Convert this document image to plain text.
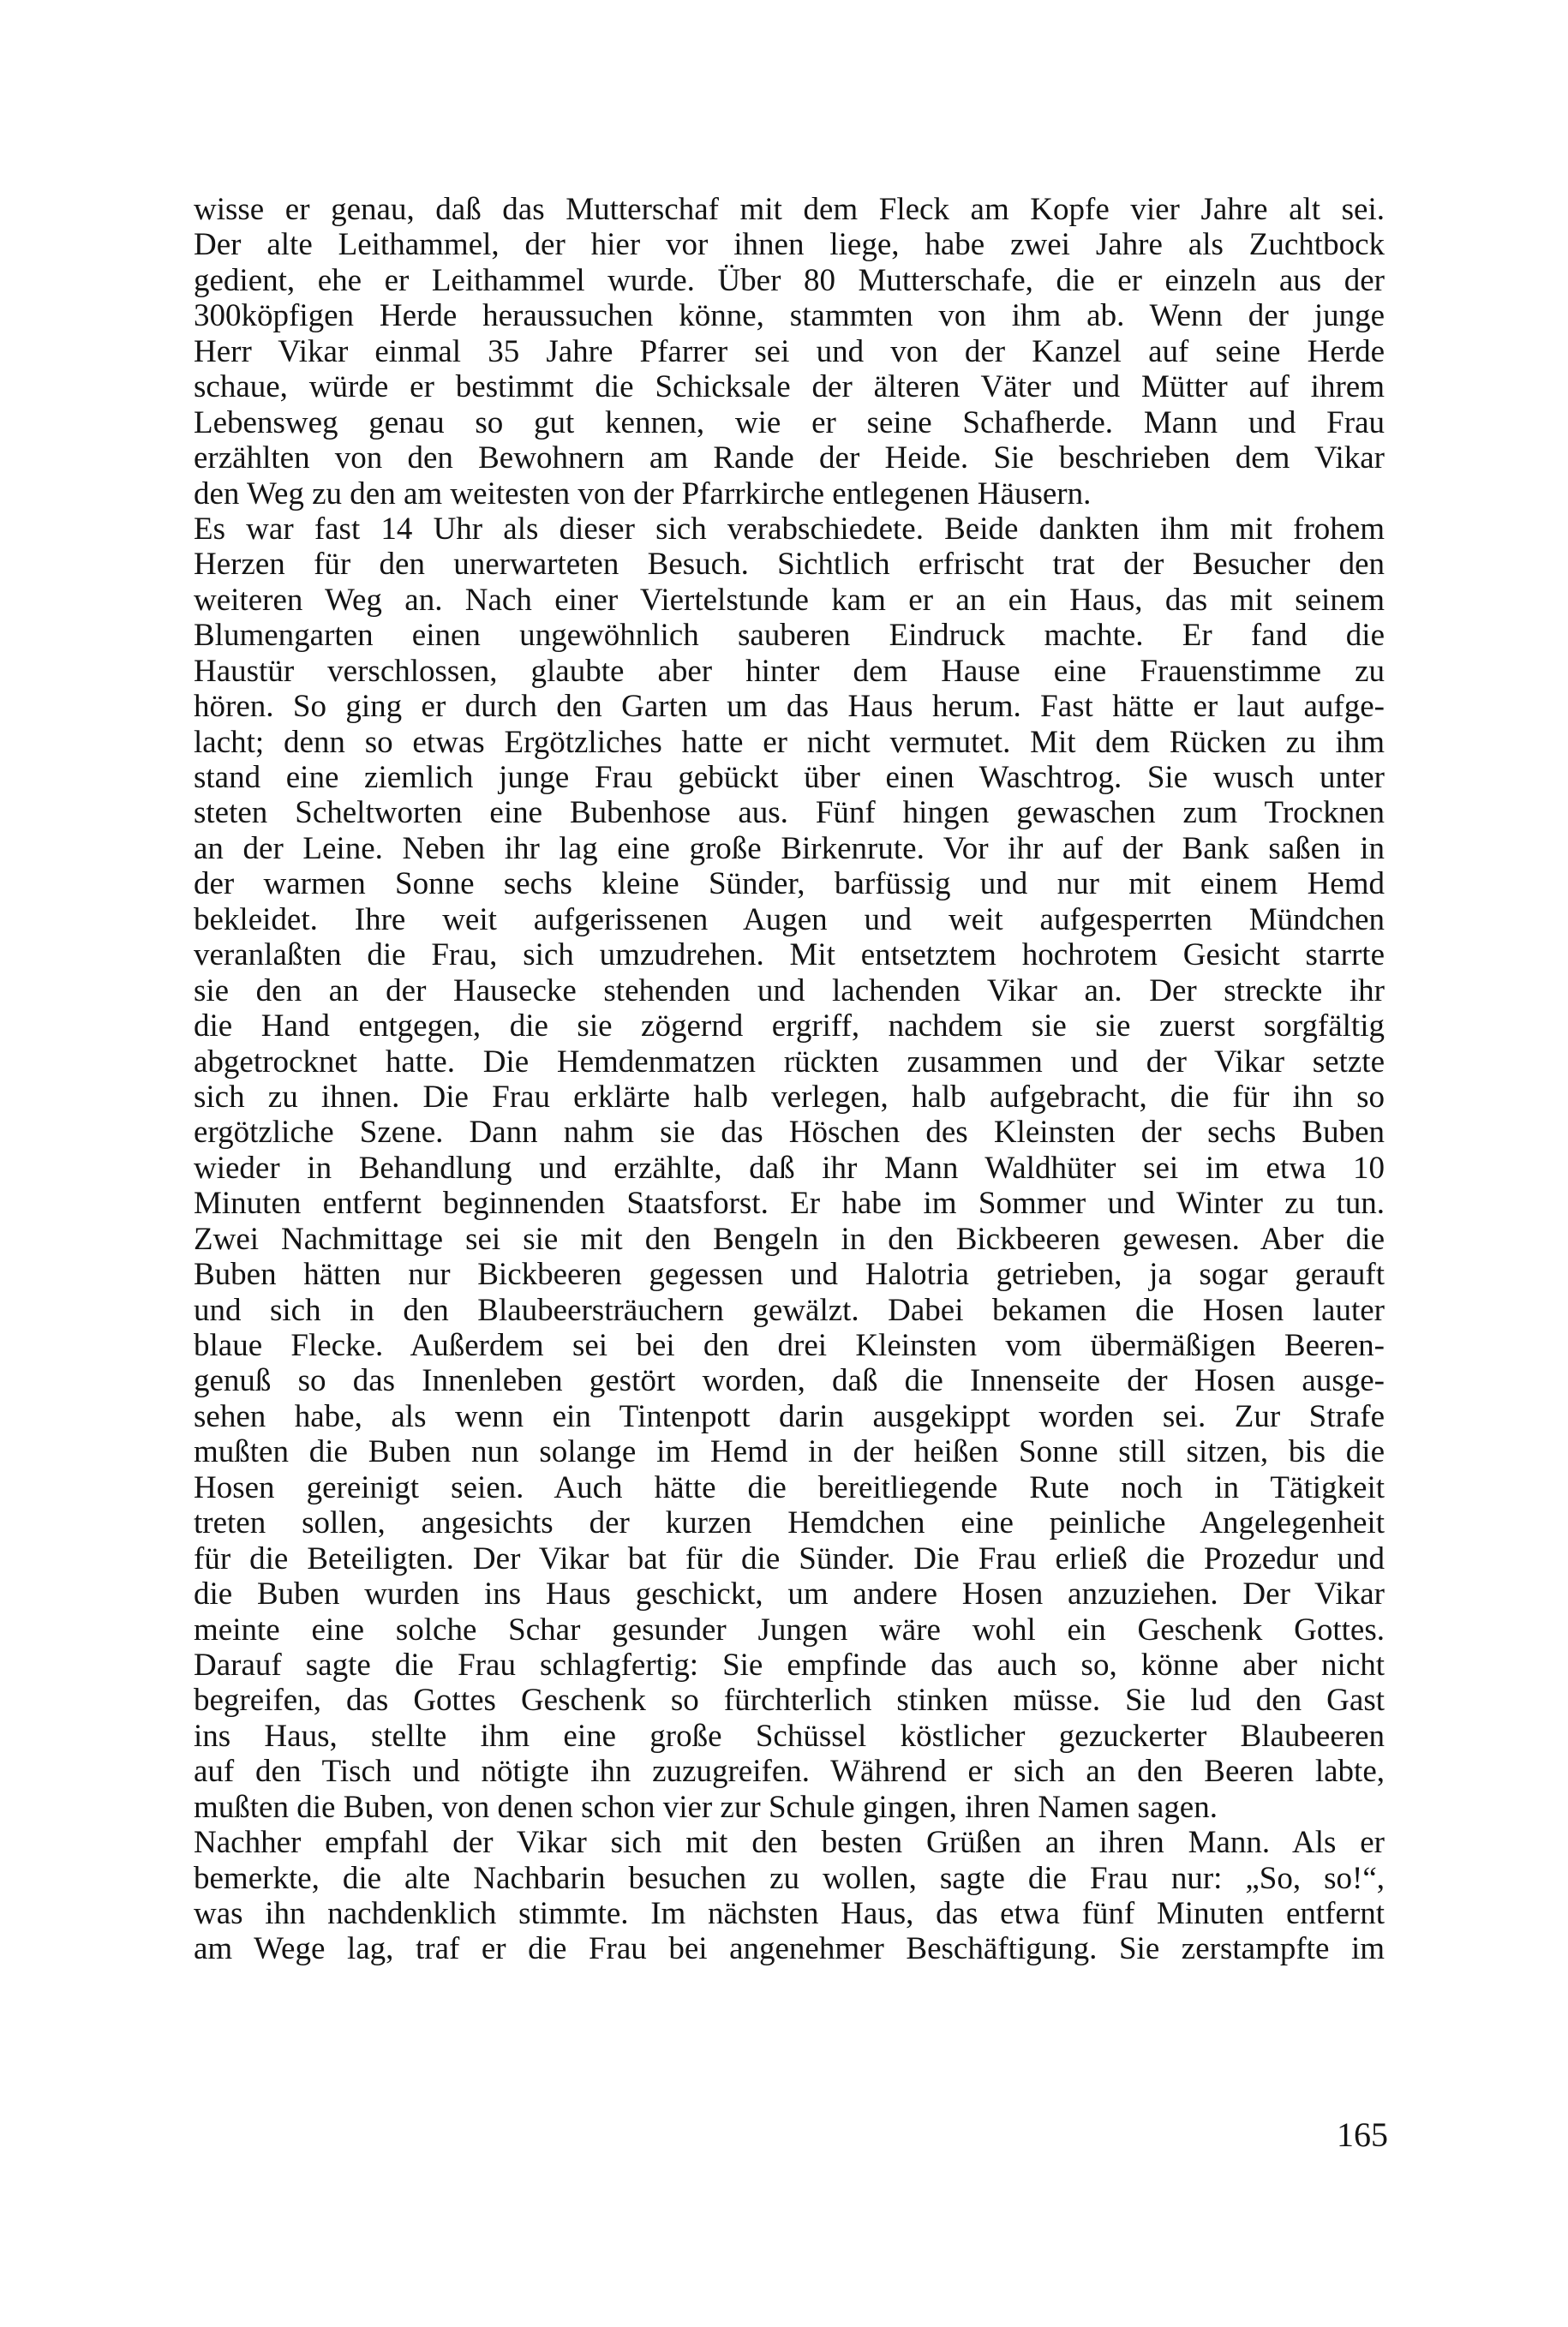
wisse er genau, daß das Mutterschaf mit dem Fleck am Kopfe vier Jahre alt sei.
Der alte Leithammel, der hier vor ihnen liege, habe zwei Jahre als Zuchtbock
gedient, ehe er Leithammel wurde. Über 80 Mutterschafe, die er einzeln aus der
300köpfigen Herde heraussuchen könne, stammten von ihm ab. Wenn der junge
Herr Vikar einmal 35 Jahre Pfarrer sei und von der Kanzel auf seine Herde
schaue, würde er bestimmt die Schicksale der älteren Väter und Mütter auf ihrem
Lebensweg genau so gut kennen, wie er seine Schafherde. Mann und Frau
erzählten von den Bewohnern am Rande der Heide. Sie beschrieben dem Vikar
den Weg zu den am weitesten von der Pfarrkirche entlegenen Häusern.
Es war fast 14 Uhr als dieser sich verabschiedete. Beide dankten ihm mit frohem
Herzen für den unerwarteten Besuch. Sichtlich erfrischt trat der Besucher den
weiteren Weg an. Nach einer Viertelstunde kam er an ein Haus, das mit seinem
Blumengarten einen ungewöhnlich sauberen Eindruck machte. Er fand die
Haustür verschlossen, glaubte aber hinter dem Hause eine Frauenstimme zu
hören. So ging er durch den Garten um das Haus herum. Fast hätte er laut aufge-
lacht; denn so etwas Ergötzliches hatte er nicht vermutet. Mit dem Rücken zu ihm
stand eine ziemlich junge Frau gebückt über einen Waschtrog. Sie wusch unter
steten Scheltworten eine Bubenhose aus. Fünf hingen gewaschen zum Trocknen
an der Leine. Neben ihr lag eine große Birkenrute. Vor ihr auf der Bank saßen in
der warmen Sonne sechs kleine Sünder, barfüssig und nur mit einem Hemd
bekleidet. Ihre weit aufgerissenen Augen und weit aufgesperrten Mündchen
veranlaßten die Frau, sich umzudrehen. Mit entsetztem hochrotem Gesicht starrte
sie den an der Hausecke stehenden und lachenden Vikar an. Der streckte ihr
die Hand entgegen, die sie zögernd ergriff, nachdem sie sie zuerst sorgfältig
abgetrocknet hatte. Die Hemdenmatzen rückten zusammen und der Vikar setzte
sich zu ihnen. Die Frau erklärte halb verlegen, halb aufgebracht, die für ihn so
ergötzliche Szene. Dann nahm sie das Höschen des Kleinsten der sechs Buben
wieder in Behandlung und erzählte, daß ihr Mann Waldhüter sei im etwa 10
Minuten entfernt beginnenden Staatsforst. Er habe im Sommer und Winter zu tun.
Zwei Nachmittage sei sie mit den Bengeln in den Bickbeeren gewesen. Aber die
Buben hätten nur Bickbeeren gegessen und Halotria getrieben, ja sogar gerauft
und sich in den Blaubeersträuchern gewälzt. Dabei bekamen die Hosen lauter
blaue Flecke. Außerdem sei bei den drei Kleinsten vom übermäßigen Beeren-
genuß so das Innenleben gestört worden, daß die Innenseite der Hosen ausge-
sehen habe, als wenn ein Tintenpott darin ausgekippt worden sei. Zur Strafe
mußten die Buben nun solange im Hemd in der heißen Sonne still sitzen, bis die
Hosen gereinigt seien. Auch hätte die bereitliegende Rute noch in Tätigkeit
treten sollen, angesichts der kurzen Hemdchen eine peinliche Angelegenheit
für die Beteiligten. Der Vikar bat für die Sünder. Die Frau erließ die Prozedur und
die Buben wurden ins Haus geschickt, um andere Hosen anzuziehen. Der Vikar
meinte eine solche Schar gesunder Jungen wäre wohl ein Geschenk Gottes.
Darauf sagte die Frau schlagfertig: Sie empfinde das auch so, könne aber nicht
begreifen, das Gottes Geschenk so fürchterlich stinken müsse. Sie lud den Gast
ins Haus, stellte ihm eine große Schüssel köstlicher gezuckerter Blaubeeren
auf den Tisch und nötigte ihn zuzugreifen. Während er sich an den Beeren labte,
mußten die Buben, von denen schon vier zur Schule gingen, ihren Namen sagen.
Nachher empfahl der Vikar sich mit den besten Grüßen an ihren Mann. Als er
bemerkte, die alte Nachbarin besuchen zu wollen, sagte die Frau nur: „So, so!“,
was ihn nachdenklich stimmte. Im nächsten Haus, das etwa fünf Minuten entfernt
am Wege lag, traf er die Frau bei angenehmer Beschäftigung. Sie zerstampfte im
165
